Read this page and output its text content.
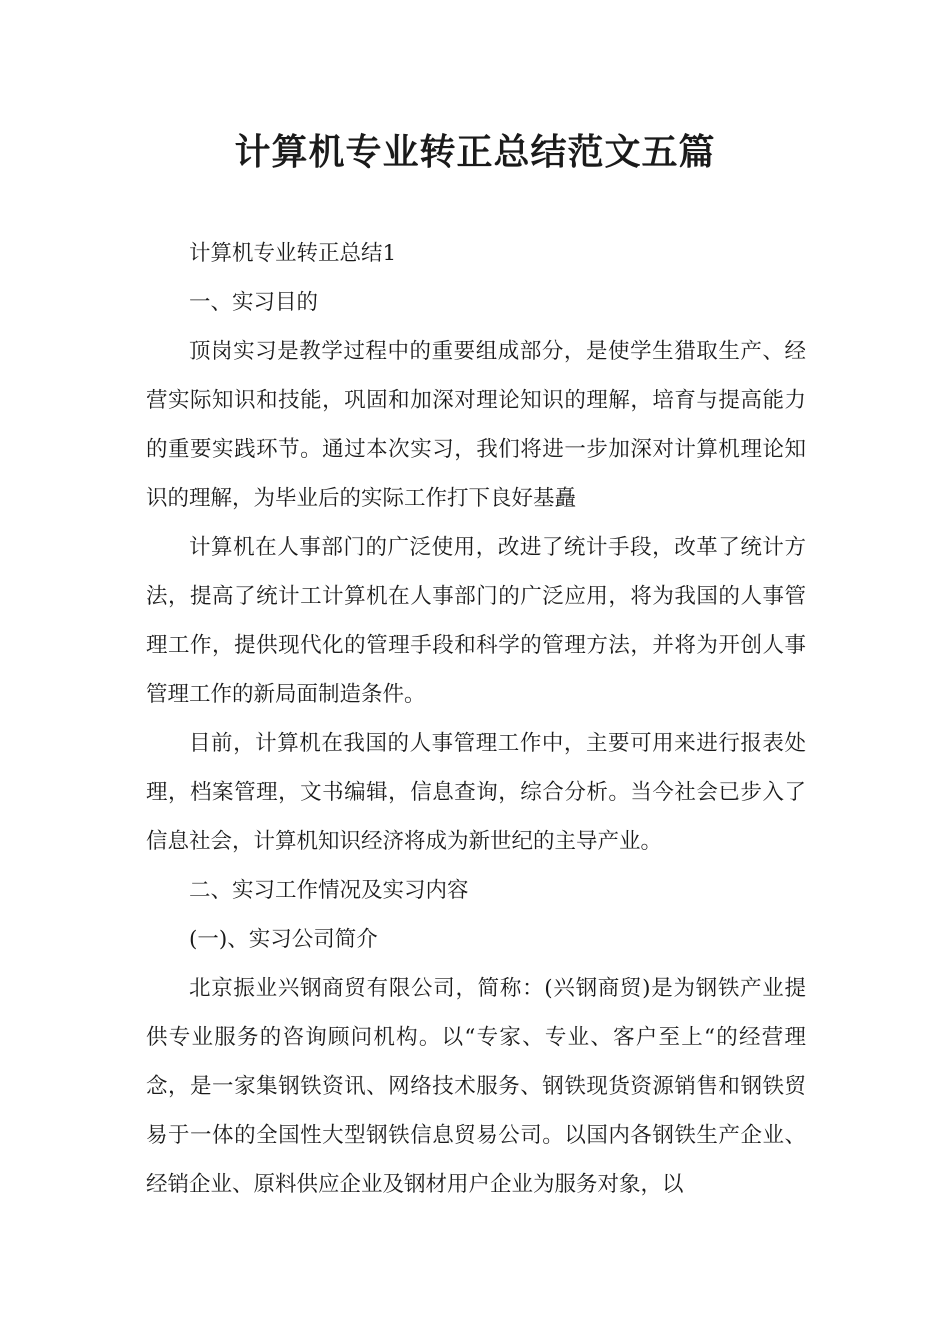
计算机专业转正总结范文五篇

计算机专业转正总结1

一、实习目的

顶岗实习是教学过程中的重要组成部分，是使学生猎取生产、经营实际知识和技能，巩固和加深对理论知识的理解，培育与提高能力的重要实践环节。通过本次实习，我们将进一步加深对计算机理论知识的理解，为毕业后的实际工作打下良好基矗

计算机在人事部门的广泛使用，改进了统计手段，改革了统计方法，提高了统计工计算机在人事部门的广泛应用，将为我国的人事管理工作，提供现代化的管理手段和科学的管理方法，并将为开创人事管理工作的新局面制造条件。

目前，计算机在我国的人事管理工作中，主要可用来进行报表处理，档案管理，文书编辑，信息查询，综合分析。当今社会已步入了信息社会，计算机知识经济将成为新世纪的主导产业。

二、实习工作情况及实习内容

(一)、实习公司简介

北京振业兴钢商贸有限公司，简称：(兴钢商贸)是为钢铁产业提供专业服务的咨询顾问机构。以“专家、专业、客户至上“的经营理念，是一家集钢铁资讯、网络技术服务、钢铁现货资源销售和钢铁贸易于一体的全国性大型钢铁信息贸易公司。以国内各钢铁生产企业、经销企业、原料供应企业及钢材用户企业为服务对象，以
